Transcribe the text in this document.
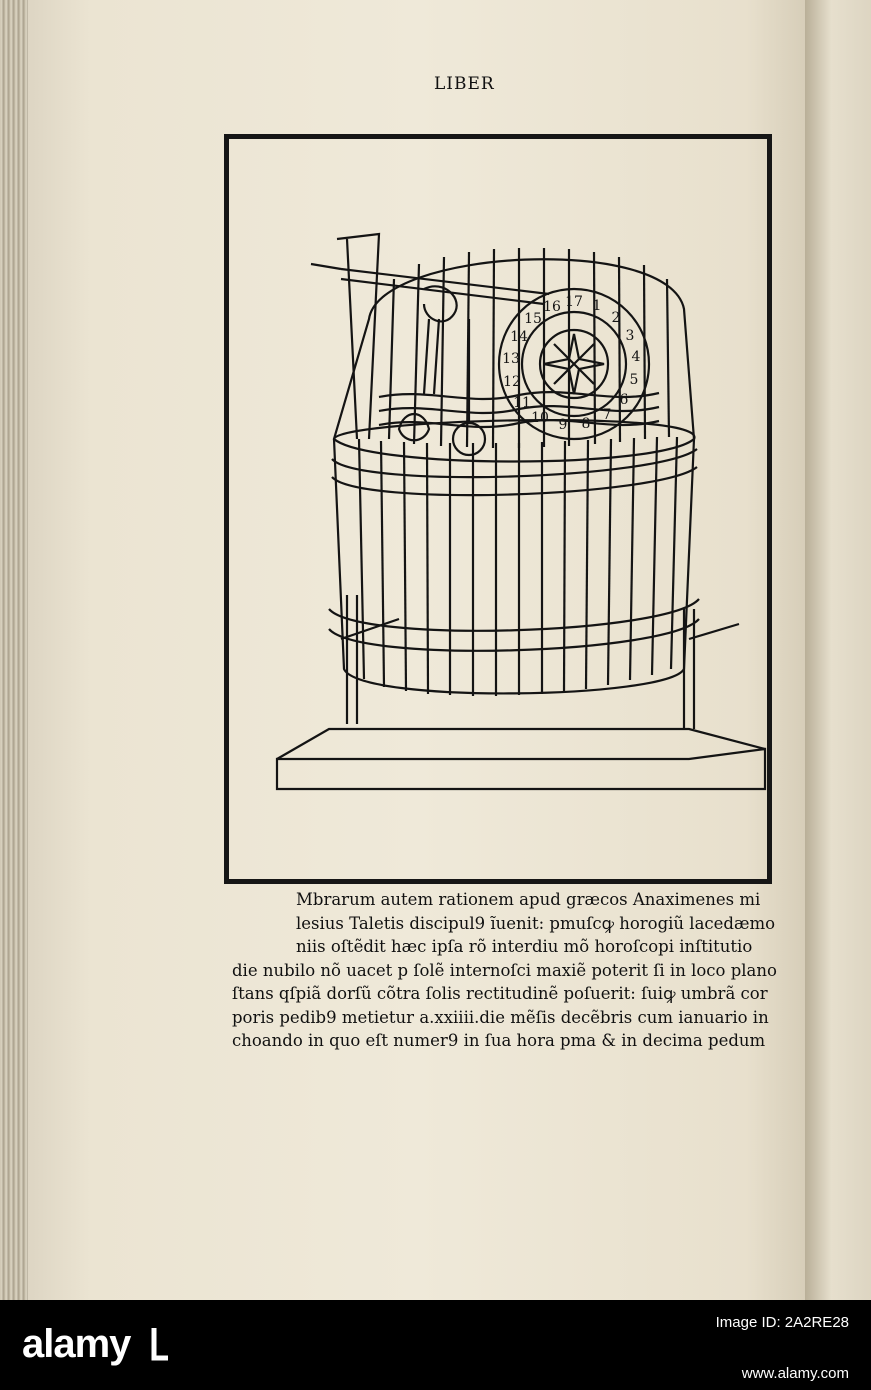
LIBER
17 1
2
3
4
5
6
7
8
9
10
11
12
13
14
15
16
Mbrarum autem rationem apud græcos Anaximenes mi
lesius Taletis discipul9 ĩuenit: pmuſcꝙ horogiũ lacedæmo
niis oſtẽdit hæc ipſa rõ interdiu mõ horoſcopi inſtitutio
die nubilo nõ uacet p ſolẽ internoſci maxiẽ poterit ſi in loco plano
ſtans qſpiã dorſũ cõtra ſolis rectitudinẽ poſuerit: ſuiꝙ umbrã cor
poris pedib9 metietur a.xxiiii.die mẽſis decẽbris cum ianuario in
choando in quo eſt numer9 in ſua hora pma & in decima pedum
alamy	Image ID: 2A2RE28
www.alamy.com
